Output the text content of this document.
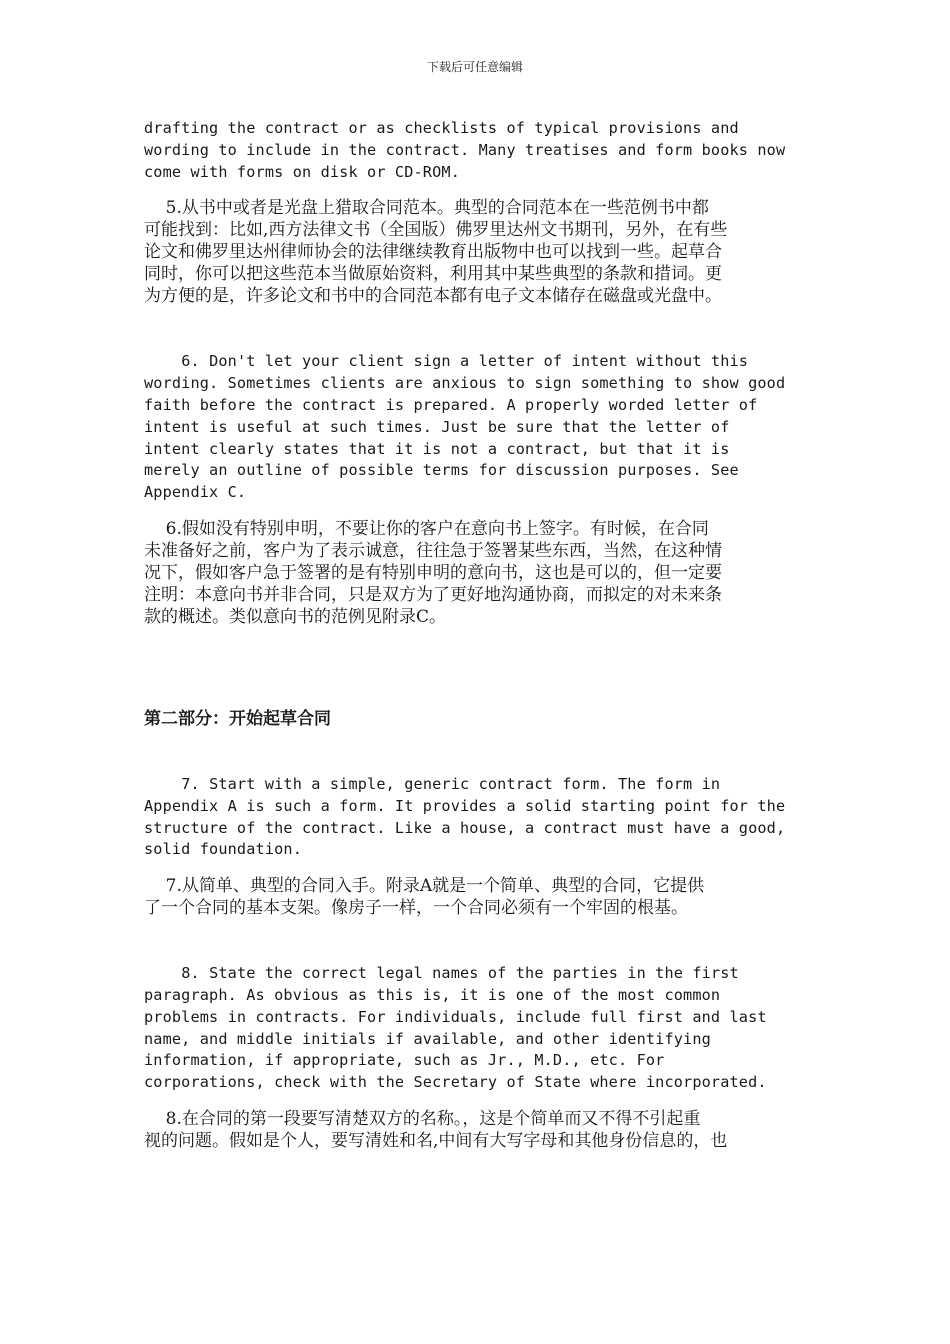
下载后可任意编辑

drafting the contract or as checklists of typical provisions and
wording to include in the contract. Many treatises and form books now
come with forms on disk or CD-ROM.

5.从书中或者是光盘上猎取合同范本。典型的合同范本在一些范例书中都
可能找到：比如,西方法律文书（全国版）佛罗里达州文书期刊，另外，在有些
论文和佛罗里达州律师协会的法律继续教育出版物中也可以找到一些。起草合
同时，你可以把这些范本当做原始资料，利用其中某些典型的条款和措词。更
为方便的是，许多论文和书中的合同范本都有电子文本储存在磁盘或光盘中。

6. Don't let your client sign a letter of intent without this
wording. Sometimes clients are anxious to sign something to show good
faith before the contract is prepared. A properly worded letter of
intent is useful at such times. Just be sure that the letter of
intent clearly states that it is not a contract, but that it is
merely an outline of possible terms for discussion purposes. See
Appendix C.

6.假如没有特别申明，不要让你的客户在意向书上签字。有时候，在合同
未准备好之前，客户为了表示诚意，往往急于签署某些东西，当然，在这种情
况下，假如客户急于签署的是有特别申明的意向书，这也是可以的，但一定要
注明：本意向书并非合同，只是双方为了更好地沟通协商，而拟定的对未来条
款的概述。类似意向书的范例见附录C。

第二部分：开始起草合同

7. Start with a simple, generic contract form. The form in
Appendix A is such a form. It provides a solid starting point for the
structure of the contract. Like a house, a contract must have a good,
solid foundation.

7.从简单、典型的合同入手。附录A就是一个简单、典型的合同，它提供
了一个合同的基本支架。像房子一样，一个合同必须有一个牢固的根基。

8. State the correct legal names of the parties in the first
paragraph. As obvious as this is, it is one of the most common
problems in contracts. For individuals, include full first and last
name, and middle initials if available, and other identifying
information, if appropriate, such as Jr., M.D., etc. For
corporations, check with the Secretary of State where incorporated.

8.在合同的第一段要写清楚双方的名称。，这是个简单而又不得不引起重
视的问题。假如是个人，要写清姓和名,中间有大写字母和其他身份信息的，也
